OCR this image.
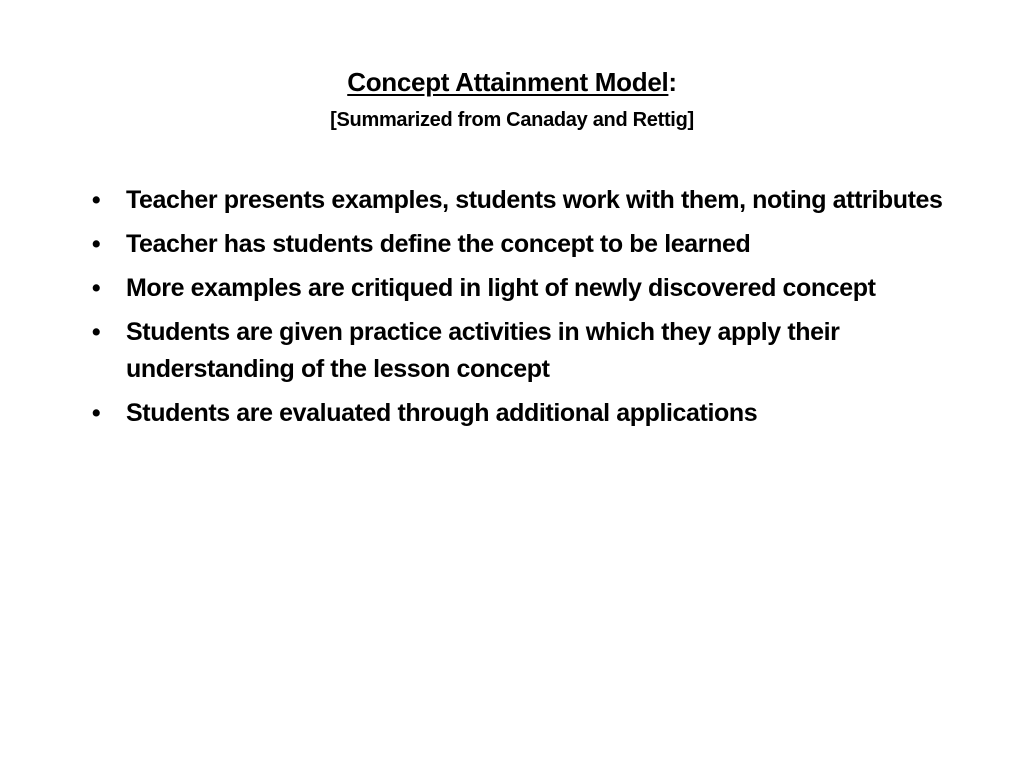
Concept Attainment Model:
[Summarized from Canaday and Rettig]
• Teacher presents examples, students work with them, noting attributes
• Teacher has students define the concept to be learned
• More examples are critiqued in light of newly discovered concept
• Students are given practice activities in which they apply their understanding of the lesson concept
• Students are evaluated through additional applications
